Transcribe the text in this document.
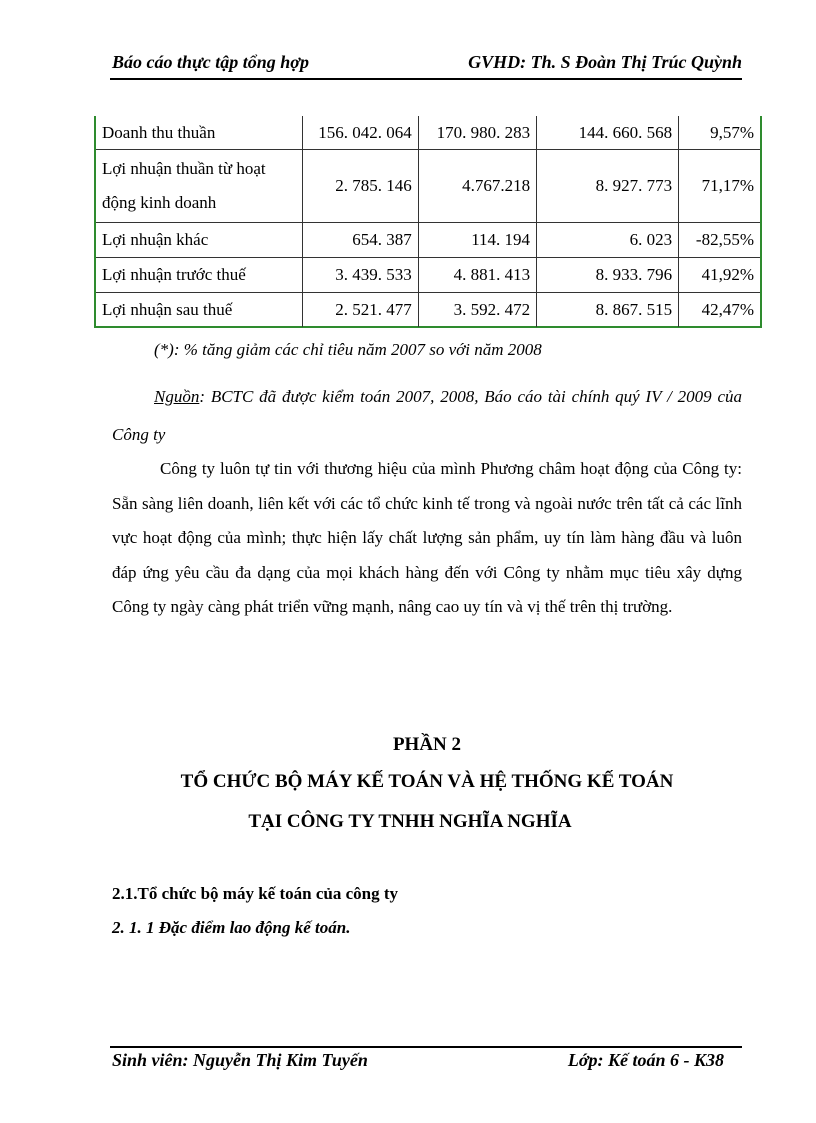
Báo cáo thực tập tổng hợp	GVHD: Th. S Đoàn Thị Trúc Quỳnh
Doanh thu thuần	156. 042. 064	170. 980. 283	144. 660. 568	9,57%
Lợi nhuận thuần từ hoạt động kinh doanh	2. 785. 146	4.767.218	8. 927. 773	71,17%
Lợi nhuận khác	654. 387	114. 194	6. 023	-82,55%
Lợi nhuận trước thuế	3. 439. 533	4. 881. 413	8. 933. 796	41,92%
Lợi nhuận sau thuế	2. 521. 477	3. 592. 472	8. 867. 515	42,47%
(*): % tăng giảm các chỉ tiêu năm 2007 so với năm 2008
Nguồn: BCTC đã được kiểm toán 2007, 2008, Báo cáo tài chính quý IV / 2009 của Công ty
Công ty luôn tự tin với thương hiệu của mình Phương châm hoạt động của Công ty: Sẵn sàng liên doanh, liên kết với các tổ chức kinh tế trong và ngoài nước trên tất cả các lĩnh vực hoạt động của mình; thực hiện lấy chất lượng sản phẩm, uy tín làm hàng đầu và luôn đáp ứng yêu cầu đa dạng của mọi khách hàng đến với Công ty nhằm mục tiêu xây dựng Công ty ngày càng phát triển vững mạnh, nâng cao uy tín và vị thế trên thị trường.
PHẦN 2
TỔ CHỨC BỘ MÁY KẾ TOÁN VÀ HỆ THỐNG KẾ TOÁN
TẠI CÔNG TY TNHH NGHĨA NGHĨA
2.1.Tổ chức bộ máy kế toán của công ty
2. 1. 1 Đặc điểm lao động kế toán.
Sinh viên: Nguyễn Thị Kim Tuyến	Lớp: Kế toán 6 - K38
